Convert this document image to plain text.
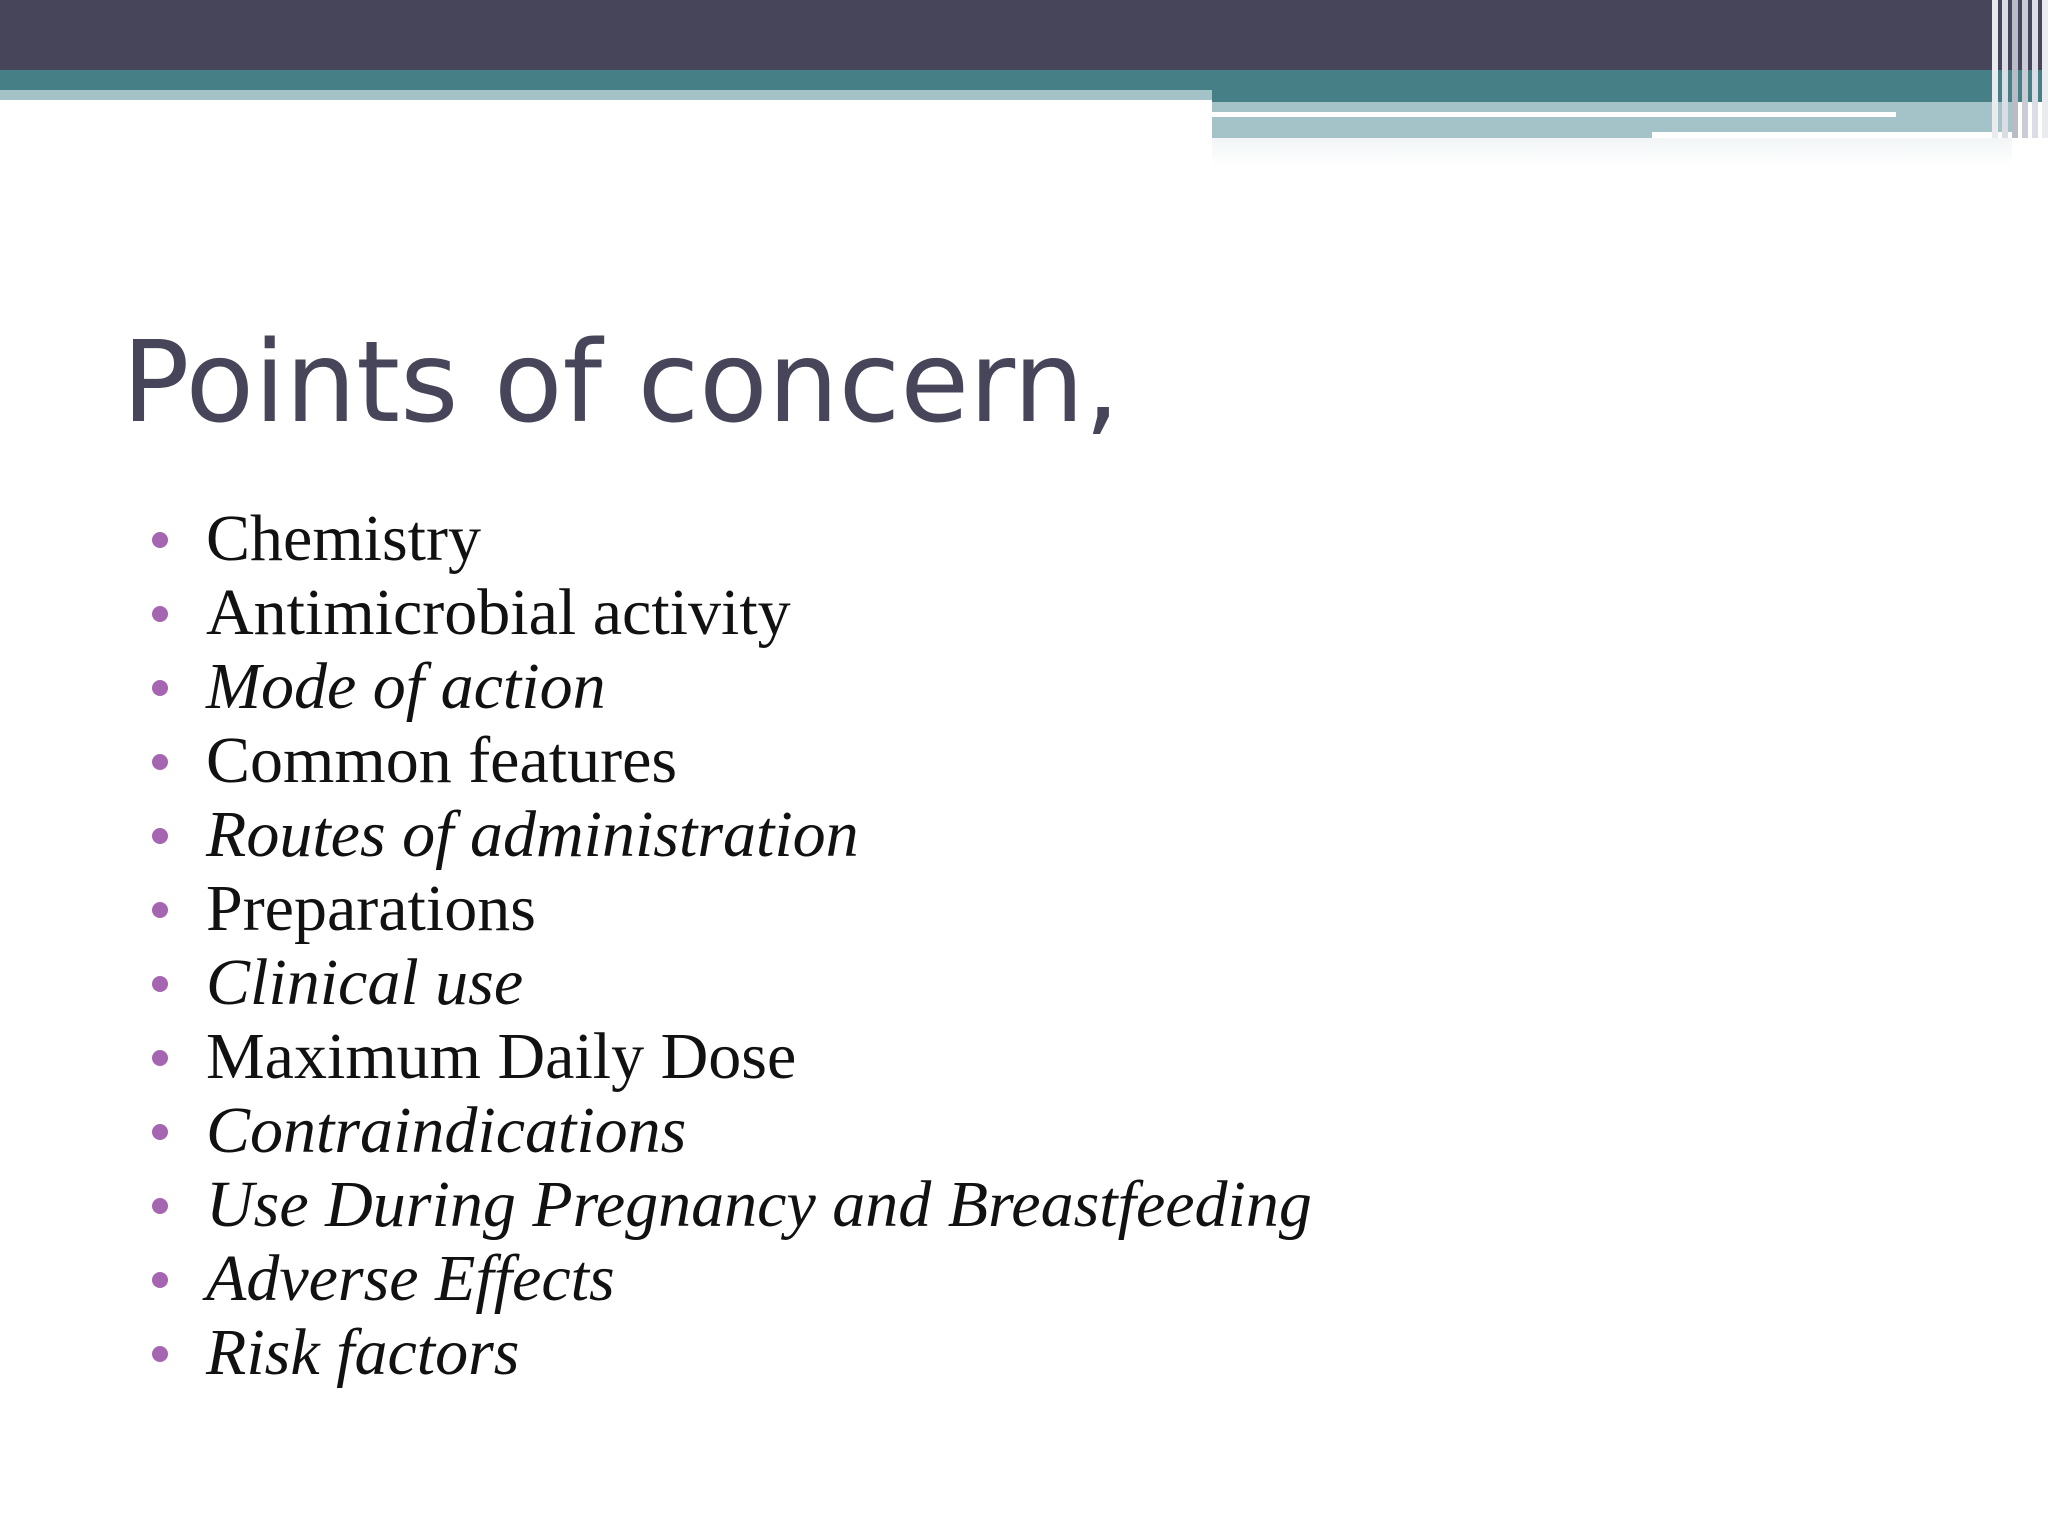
Points of concern,
Chemistry
Antimicrobial activity
Mode of action
Common features
Routes of administration
Preparations
Clinical use
Maximum Daily Dose
Contraindications
Use During Pregnancy and Breastfeeding
Adverse Effects
Risk factors
